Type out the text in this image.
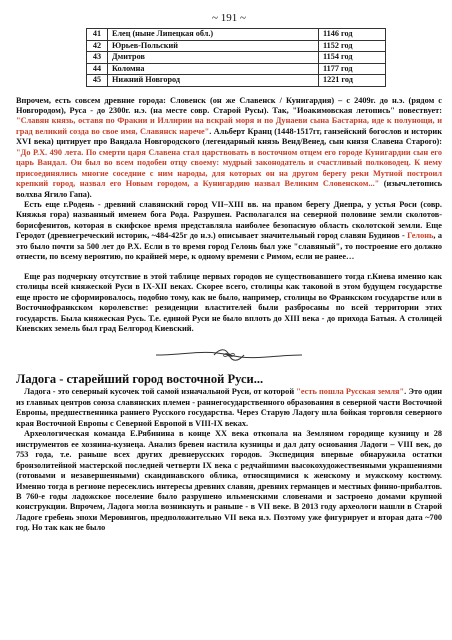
~ 191 ~
41	Елец (ныне Липецкая обл.)	1146 год
42	Юрьев-Польский	1152 год
43	Дмитров	1154 год
44	Коломна	1177 год
45	Нижний Новгород	1221 год

Впрочем, есть совсем древние города: Словенск (он же Славенск / Кунигардия) – с 2409г. до н.э. (рядом с Новгородом), Руса - до 2300г. н.э. (на месте совр. Старой Русы). Так, "Иоакимовская летопись" повествует: "Славян князь, оставя по Фракии и Иллирии на вскрай моря и по Дунаеви сына Бастарна, иде к полунощи, и град великий созда во свое имя, Славянск нарече". Альберт Кранц (1448-1517гг, ганзейский богослов и историк XVI века) цитирует про Вандала Новгородского (легендарный князь Венд/Венед, сын князя Славена Старого): "До Р.Х. 490 лета. По смерти царя Славена стал царствовать в восточном отцем его городе Кунигардии сын его царь Вандал. Он был во всем подобен отцу своему: мудрый законодатель и счастливый полководец. К нему присоединялись многие соседние с ним народы, для которых он на другом берегу реки Мутной построил крепкий город, назвал его Новым городом, а Кунигардию назвал Великим Словенском..." (изыч.летопись волхва Ягило Гапа).

Есть еще г.Родень - древний славянский город VII–XIII вв. на правом берегу Днепра, у устья Роси (совр. Княжья гора) названный именем бога Рода. Разрушен. Располагался на северной половине земли сколотов-борисфенитов, которая в скифское время представляла наиболее безопасную область сколотской земли. Еще Геродот (древнегреческий историк, ~484-425г до н.э.) описывает значительный город славян Будинов - Гелонь, а это было почти за 500 лет до Р.Х. Если в то время город Гелонь был уже "славяный", то построение его должно отнести, по всему вероятию, по крайней мере, к одному времени с Римом, если не ранее…

Еще раз подчеркну отсутствие в этой таблице первых городов не существовавшего тогда г.Киева именно как столицы всей княжеской Руси в IX-XII веках. Скорее всего, столицы как таковой в этом будущем государстве еще просто не сформировалось, подобно тому, как не было, например, столицы во Франкском государстве или в Восточнофранкском королевстве: резиденции властителей были разбросаны по всей территории этих государств. Была княжеская Русь. Т.е. единой Руси не было вплоть до XIII века - до прихода Батыя. А столицей Киевских земель был град Белгород Киевский.

Ладога - старейший город восточной Руси...

Ладога - это северный кусочек той самой изначальной Руси, от которой "есть пошла Русская земля". Это один из главных центров союза славянских племен - раннегосударственного образования в северной части Восточной Европы, предшественника раннего Русского государства. Через Старую Ладогу шла бойкая торговля северного края Восточной Европы с Северной Европой в VIII-IX веках.

Археологическая команда Е.Рябинина в конце XX века откопала на Земляном городище кузницу и 28 инструментов ее хозяина-кузнеца. Анализ бревен настила кузницы и дал дату основания Ладоги – VIII век, до 753 года, т.е. раньше всех других древнерусских городов. Экспедиция впервые обнаружила остатки бронзолитейной мастерской последней четверти IX века с редчайшими высокохудожественными украшениями (готовыми и незавершенными) скандинавского облика, относящимися к женскому и мужскому костюму. Именно тогда в регионе пересеклись интересы древних славян, древних германцев и местных финно-прибалтов. В 760-е годы ладожское поселение было разрушено ильменскими словенами и застроено домами крупной конструкции. Впрочем, Ладога могла возникнуть и раньше - в VII веке. В 2013 году археологи нашли в Старой Ладоге гребень эпохи Меровингов, предположительно VII века н.э. Поэтому уже фигурирует и вторая дата ~700 год. Но так как не было
